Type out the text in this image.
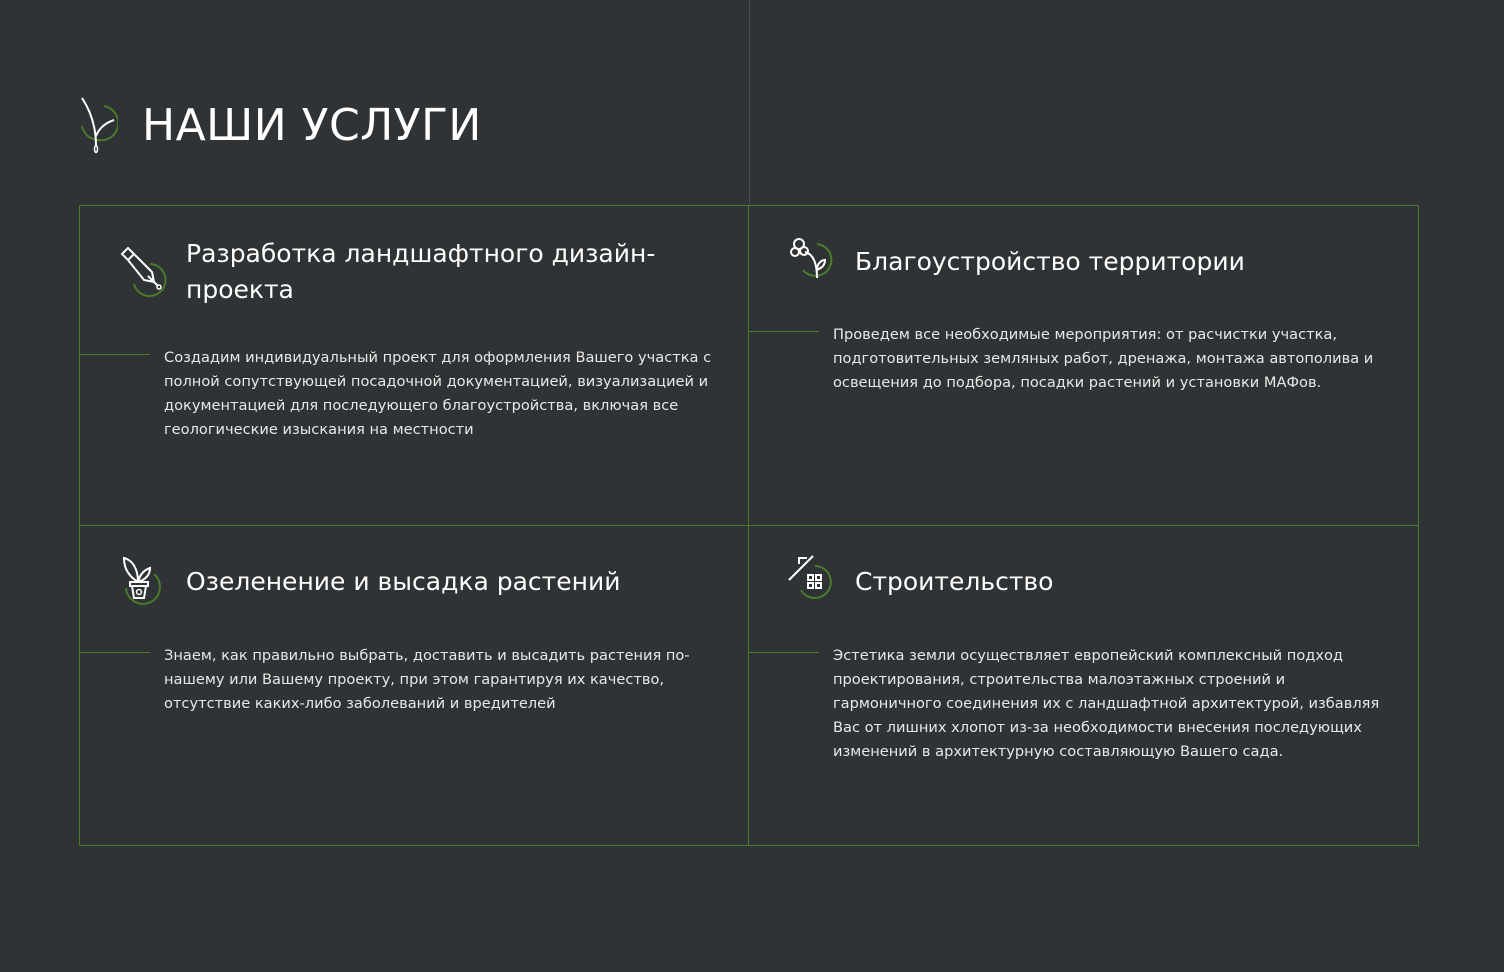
НАШИ УСЛУГИ
Разработка ландшафтного дизайн-проекта
Создадим индивидуальный проект для оформления Вашего участка с полной сопутствующей посадочной документацией, визуализацией и документацией для последующего благоустройства, включая все геологические изыскания на местности
Благоустройство территории
Проведем все необходимые мероприятия: от расчистки участка, подготовительных земляных работ, дренажа, монтажа автополива и освещения до подбора, посадки растений и установки МАФов.
Озеленение и высадка растений
Знаем, как правильно выбрать, доставить и высадить растения по-нашему или Вашему проекту, при этом гарантируя их качество, отсутствие каких-либо заболеваний и вредителей
Строительство
Эстетика земли осуществляет европейский комплексный подход проектирования, строительства малоэтажных строений и гармоничного соединения их с ландшафтной архитектурой, избавляя Вас от лишних хлопот из-за необходимости внесения последующих изменений в архитектурную составляющую Вашего сада.
